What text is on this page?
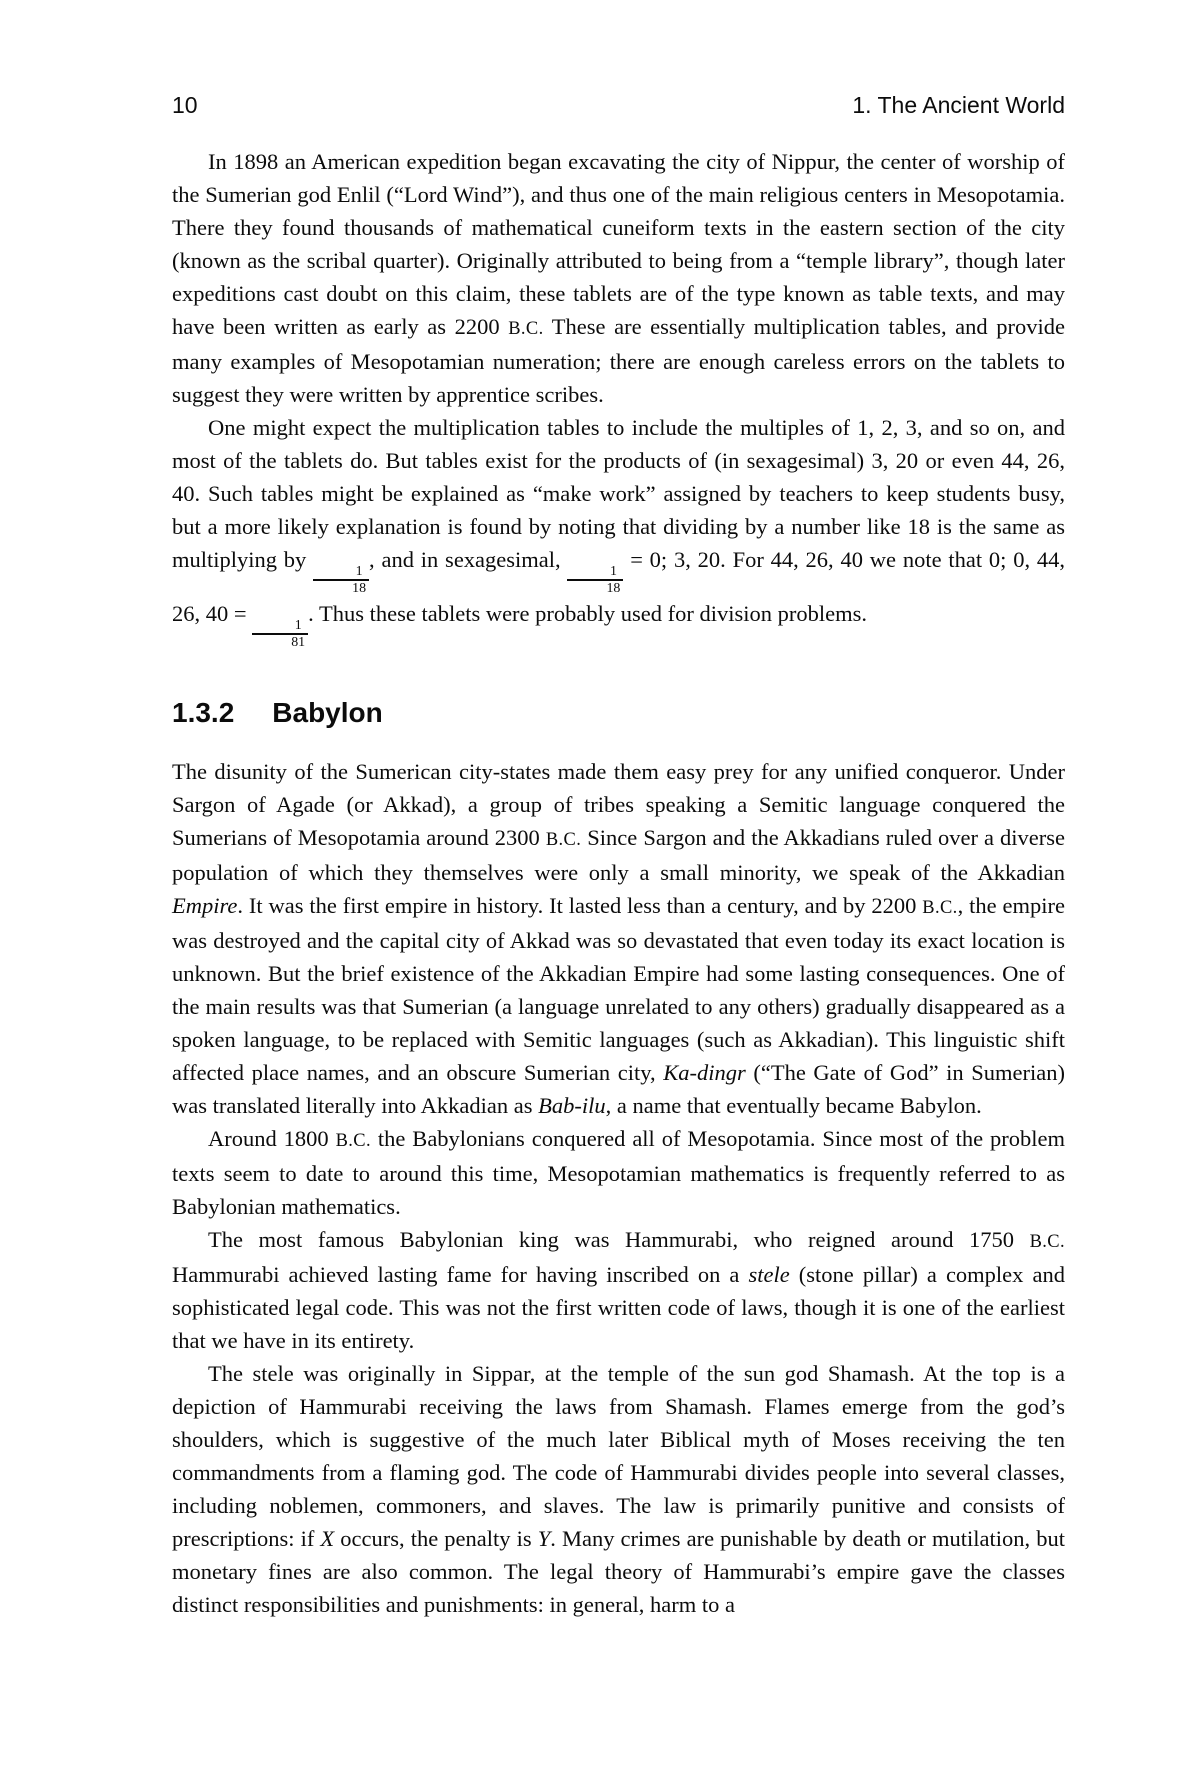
10	1. The Ancient World

In 1898 an American expedition began excavating the city of Nippur, the center of worship of the Sumerian god Enlil (“Lord Wind”), and thus one of the main religious centers in Mesopotamia. There they found thousands of mathematical cuneiform texts in the eastern section of the city (known as the scribal quarter). Originally attributed to being from a “temple library”, though later expeditions cast doubt on this claim, these tablets are of the type known as table texts, and may have been written as early as 2200 B.C. These are essentially multiplication tables, and provide many examples of Mesopotamian numeration; there are enough careless errors on the tablets to suggest they were written by apprentice scribes.

One might expect the multiplication tables to include the multiples of 1, 2, 3, and so on, and most of the tablets do. But tables exist for the products of (in sexagesimal) 3, 20 or even 44, 26, 40. Such tables might be explained as “make work” assigned by teachers to keep students busy, but a more likely explanation is found by noting that dividing by a number like 18 is the same as multiplying by
$\frac{1}{18}$
, and in sexagesimal,
$\frac{1}{18}$
= 0; 3, 20. For 44, 26, 40 we note that 0; 0, 44, 26, 40 =
$\frac{1}{81}$
. Thus these tablets were probably used for division problems.

1.3.2 Babylon

The disunity of the Sumerican city-states made them easy prey for any unified conqueror. Under Sargon of Agade (or Akkad), a group of tribes speaking a Semitic language conquered the Sumerians of Mesopotamia around 2300 B.C. Since Sargon and the Akkadians ruled over a diverse population of which they themselves were only a small minority, we speak of the Akkadian Empire. It was the first empire in history. It lasted less than a century, and by 2200 B.C., the empire was destroyed and the capital city of Akkad was so devastated that even today its exact location is unknown. But the brief existence of the Akkadian Empire had some lasting consequences. One of the main results was that Sumerian (a language unrelated to any others) gradually disappeared as a spoken language, to be replaced with Semitic languages (such as Akkadian). This linguistic shift affected place names, and an obscure Sumerian city, Ka-dingr (“The Gate of God” in Sumerian) was translated literally into Akkadian as Bab-ilu, a name that eventually became Babylon.

Around 1800 B.C. the Babylonians conquered all of Mesopotamia. Since most of the problem texts seem to date to around this time, Mesopotamian mathematics is frequently referred to as Babylonian mathematics.

The most famous Babylonian king was Hammurabi, who reigned around 1750 B.C. Hammurabi achieved lasting fame for having inscribed on a stele (stone pillar) a complex and sophisticated legal code. This was not the first written code of laws, though it is one of the earliest that we have in its entirety.

The stele was originally in Sippar, at the temple of the sun god Shamash. At the top is a depiction of Hammurabi receiving the laws from Shamash. Flames emerge from the god’s shoulders, which is suggestive of the much later Biblical myth of Moses receiving the ten commandments from a flaming god. The code of Hammurabi divides people into several classes, including noblemen, commoners, and slaves. The law is primarily punitive and consists of prescriptions: if X occurs, the penalty is Y. Many crimes are punishable by death or mutilation, but monetary fines are also common. The legal theory of Hammurabi’s empire gave the classes distinct responsibilities and punishments: in general, harm to a
